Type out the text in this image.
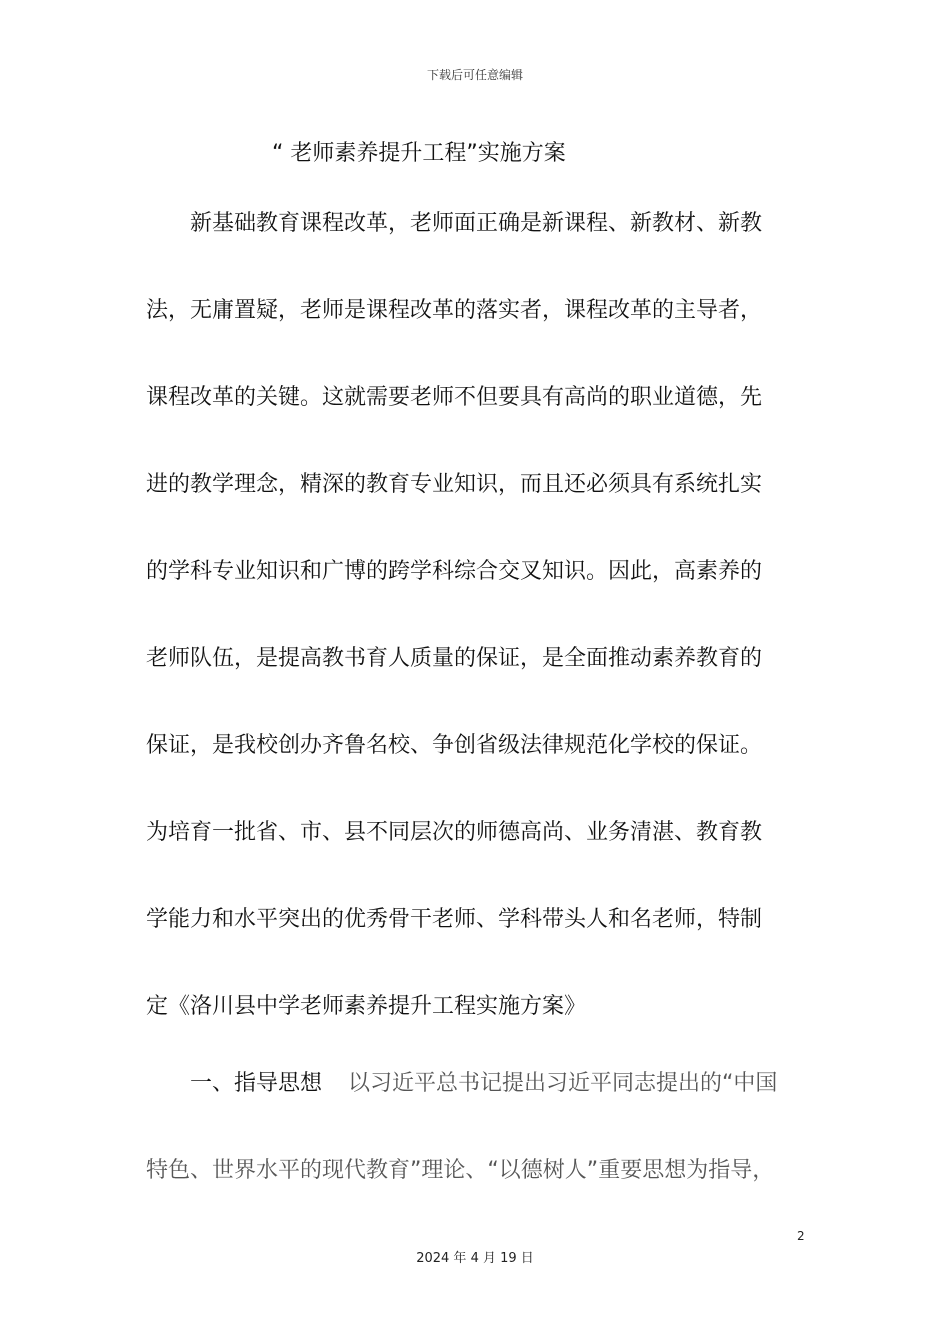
下载后可任意编辑
“ 老师素养提升工程”实施方案
新基础教育课程改革，老师面正确是新课程、新教材、新教
法，无庸置疑，老师是课程改革的落实者，课程改革的主导者，
课程改革的关键。这就需要老师不但要具有高尚的职业道德，先
进的教学理念，精深的教育专业知识，而且还必须具有系统扎实
的学科专业知识和广博的跨学科综合交叉知识。因此，高素养的
老师队伍，是提高教书育人质量的保证，是全面推动素养教育的
保证，是我校创办齐鲁名校、争创省级法律规范化学校的保证。
为培育一批省、市、县不同层次的师德高尚、业务清湛、教育教
学能力和水平突出的优秀骨干老师、学科带头人和名老师，特制
定《洛川县中学老师素养提升工程实施方案》
一、指导思想 以习近平总书记提出习近平同志提出的“中国
特色、世界水平的现代教育”理论、“以德树人”重要思想为指导，
2
2024 年 4 月 19 日
